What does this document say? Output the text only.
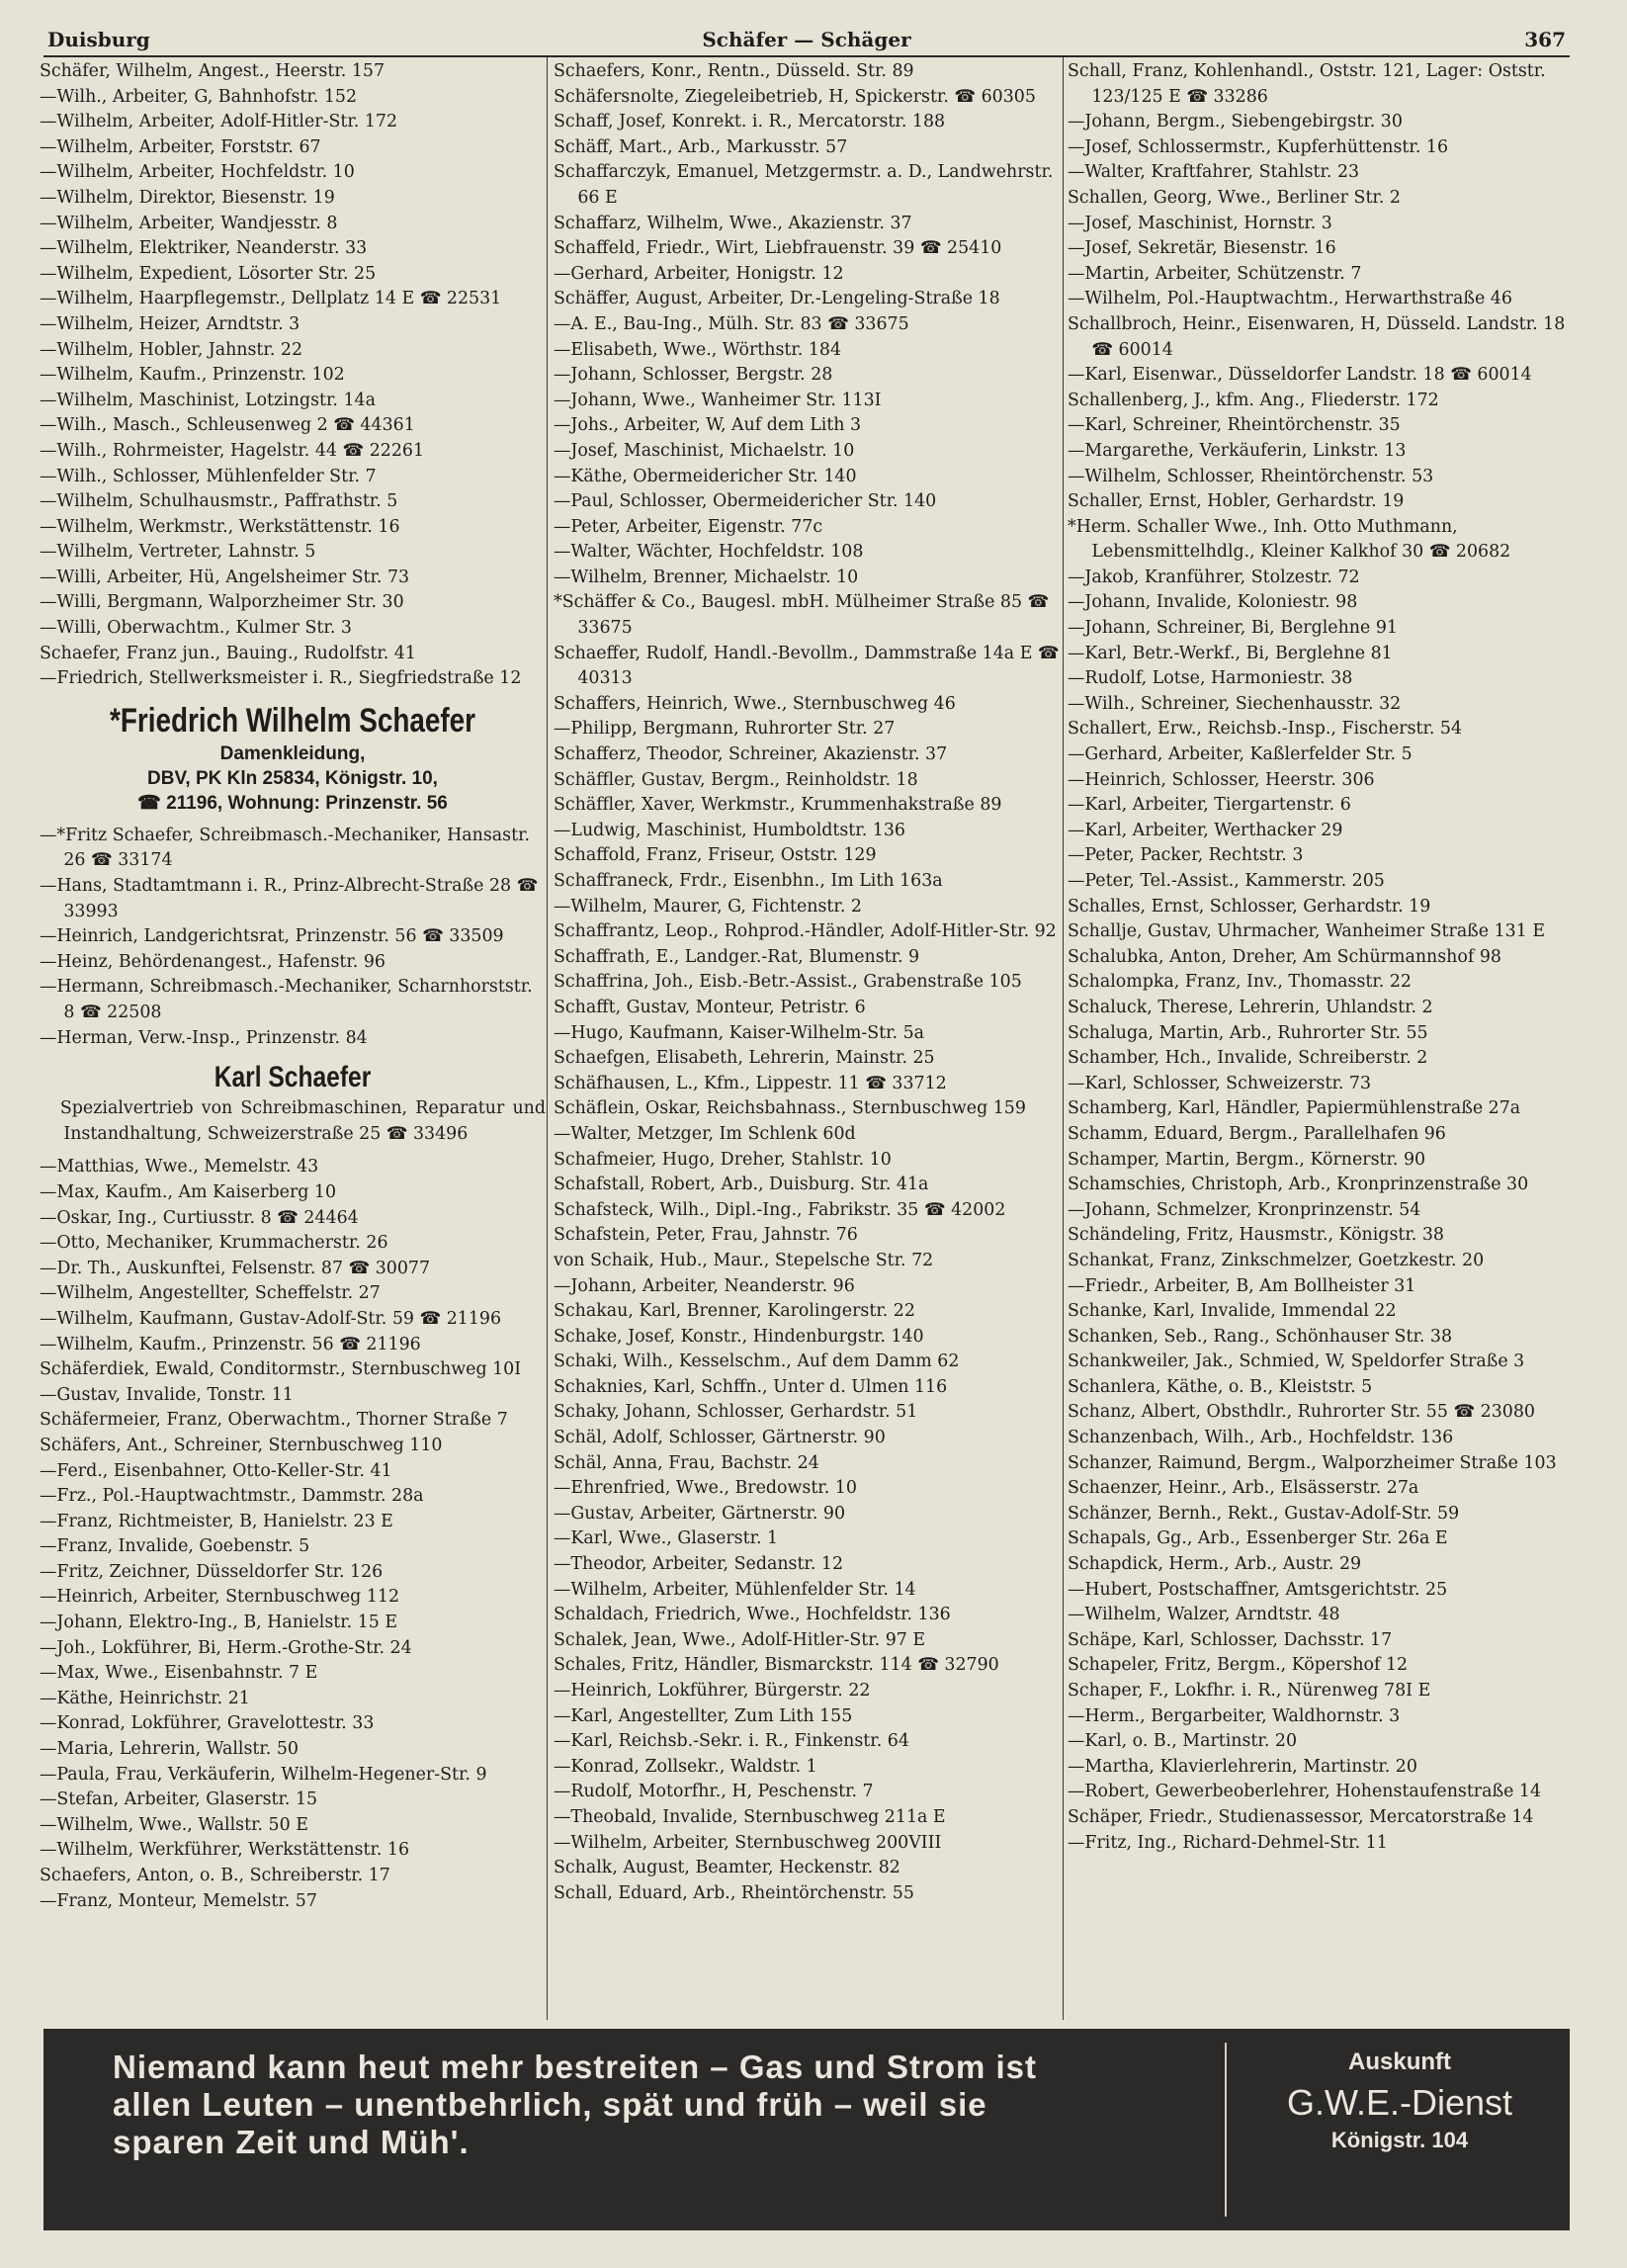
Duisburg	Schäfer — Schäger	367
Schäfer, Wilhelm, Angest., Heerstr. 157
—Wilh., Arbeiter, G, Bahnhofstr. 152
—Wilhelm, Arbeiter, Adolf-Hitler-Str. 172
—Wilhelm, Arbeiter, Forststr. 67
—Wilhelm, Arbeiter, Hochfeldstr. 10
—Wilhelm, Direktor, Biesenstr. 19
—Wilhelm, Arbeiter, Wandjesstr. 8
—Wilhelm, Elektriker, Neanderstr. 33
—Wilhelm, Expedient, Lösorter Str. 25
—Wilhelm, Haarpflegemstr., Dellplatz 14 E ☎ 22531
—Wilhelm, Heizer, Arndtstr. 3
—Wilhelm, Hobler, Jahnstr. 22
—Wilhelm, Kaufm., Prinzenstr. 102
—Wilhelm, Maschinist, Lotzingstr. 14a
—Wilh., Masch., Schleusenweg 2 ☎ 44361
—Wilh., Rohrmeister, Hagelstr. 44 ☎ 22261
—Wilh., Schlosser, Mühlenfelder Str. 7
—Wilhelm, Schulhausmstr., Paffrathstr. 5
—Wilhelm, Werkmstr., Werkstättenstr. 16
—Wilhelm, Vertreter, Lahnstr. 5
—Willi, Arbeiter, Hü, Angelsheimer Str. 73
—Willi, Bergmann, Walporzheimer Str. 30
—Willi, Oberwachtm., Kulmer Str. 3
Schaefer, Franz jun., Bauing., Rudolfstr. 41
—Friedrich, Stellwerksmeister i. R., Siegfriedstraße 12
*Friedrich Wilhelm Schaefer
Damenkleidung,
DBV, PK Kln 25834, Königstr. 10,
☎ 21196, Wohnung: Prinzenstr. 56
—*Fritz Schaefer, Schreibmasch.-Mechaniker, Hansastr. 26 ☎ 33174
—Hans, Stadtamtmann i. R., Prinz-Albrecht-Straße 28 ☎ 33993
—Heinrich, Landgerichtsrat, Prinzenstr. 56 ☎ 33509
—Heinz, Behördenangest., Hafenstr. 96
—Hermann, Schreibmasch.-Mechaniker, Scharnhorststr. 8 ☎ 22508
—Herman, Verw.-Insp., Prinzenstr. 84
Karl Schaefer
Spezialvertrieb von Schreibmaschinen, Reparatur und Instandhaltung, Schweizerstraße 25 ☎ 33496
—Matthias, Wwe., Memelstr. 43
—Max, Kaufm., Am Kaiserberg 10
—Oskar, Ing., Curtiusstr. 8 ☎ 24464
—Otto, Mechaniker, Krummacherstr. 26
—Dr. Th., Auskunftei, Felsenstr. 87 ☎ 30077
—Wilhelm, Angestellter, Scheffelstr. 27
—Wilhelm, Kaufmann, Gustav-Adolf-Str. 59 ☎ 21196
—Wilhelm, Kaufm., Prinzenstr. 56 ☎ 21196
Schäferdiek, Ewald, Conditormstr., Sternbuschweg 10I
—Gustav, Invalide, Tonstr. 11
Schäfermeier, Franz, Oberwachtm., Thorner Straße 7
Schäfers, Ant., Schreiner, Sternbuschweg 110
—Ferd., Eisenbahner, Otto-Keller-Str. 41
—Frz., Pol.-Hauptwachtmstr., Dammstr. 28a
—Franz, Richtmeister, B, Hanielstr. 23 E
—Franz, Invalide, Goebenstr. 5
—Fritz, Zeichner, Düsseldorfer Str. 126
—Heinrich, Arbeiter, Sternbuschweg 112
—Johann, Elektro-Ing., B, Hanielstr. 15 E
—Joh., Lokführer, Bi, Herm.-Grothe-Str. 24
—Max, Wwe., Eisenbahnstr. 7 E
—Käthe, Heinrichstr. 21
—Konrad, Lokführer, Gravelottestr. 33
—Maria, Lehrerin, Wallstr. 50
—Paula, Frau, Verkäuferin, Wilhelm-Hegener-Str. 9
—Stefan, Arbeiter, Glaserstr. 15
—Wilhelm, Wwe., Wallstr. 50 E
—Wilhelm, Werkführer, Werkstättenstr. 16
Schaefers, Anton, o. B., Schreiberstr. 17
—Franz, Monteur, Memelstr. 57
Schaefers, Konr., Rentn., Düsseld. Str. 89
Schäfersnolte, Ziegeleibetrieb, H, Spickerstr. ☎ 60305
Schaff, Josef, Konrekt. i. R., Mercatorstr. 188
Schäff, Mart., Arb., Markusstr. 57
Schaffarczyk, Emanuel, Metzgermstr. a. D., Landwehrstr. 66 E
Schaffarz, Wilhelm, Wwe., Akazienstr. 37
Schaffeld, Friedr., Wirt, Liebfrauenstr. 39 ☎ 25410
—Gerhard, Arbeiter, Honigstr. 12
Schäffer, August, Arbeiter, Dr.-Lengeling-Straße 18
—A. E., Bau-Ing., Mülh. Str. 83 ☎ 33675
—Elisabeth, Wwe., Wörthstr. 184
—Johann, Schlosser, Bergstr. 28
—Johann, Wwe., Wanheimer Str. 113I
—Johs., Arbeiter, W, Auf dem Lith 3
—Josef, Maschinist, Michaelstr. 10
—Käthe, Obermeidericher Str. 140
—Paul, Schlosser, Obermeidericher Str. 140
—Peter, Arbeiter, Eigenstr. 77c
—Walter, Wächter, Hochfeldstr. 108
—Wilhelm, Brenner, Michaelstr. 10
*Schäffer & Co., Baugesl. mbH. Mülheimer Straße 85 ☎ 33675
Schaeffer, Rudolf, Handl.-Bevollm., Dammstraße 14a E ☎ 40313
Schaffers, Heinrich, Wwe., Sternbuschweg 46
—Philipp, Bergmann, Ruhrorter Str. 27
Schafferz, Theodor, Schreiner, Akazienstr. 37
Schäffler, Gustav, Bergm., Reinholdstr. 18
Schäffler, Xaver, Werkmstr., Krummenhakstraße 89
—Ludwig, Maschinist, Humboldtstr. 136
Schaffold, Franz, Friseur, Oststr. 129
Schaffraneck, Frdr., Eisenbhn., Im Lith 163a
—Wilhelm, Maurer, G, Fichtenstr. 2
Schaffrantz, Leop., Rohprod.-Händler, Adolf-Hitler-Str. 92
Schaffrath, E., Landger.-Rat, Blumenstr. 9
Schaffrina, Joh., Eisb.-Betr.-Assist., Grabenstraße 105
Schafft, Gustav, Monteur, Petristr. 6
—Hugo, Kaufmann, Kaiser-Wilhelm-Str. 5a
Schaefgen, Elisabeth, Lehrerin, Mainstr. 25
Schäfhausen, L., Kfm., Lippestr. 11 ☎ 33712
Schäflein, Oskar, Reichsbahnass., Sternbuschweg 159
—Walter, Metzger, Im Schlenk 60d
Schafmeier, Hugo, Dreher, Stahlstr. 10
Schafstall, Robert, Arb., Duisburg. Str. 41a
Schafsteck, Wilh., Dipl.-Ing., Fabrikstr. 35 ☎ 42002
Schafstein, Peter, Frau, Jahnstr. 76
von Schaik, Hub., Maur., Stepelsche Str. 72
—Johann, Arbeiter, Neanderstr. 96
Schakau, Karl, Brenner, Karolingerstr. 22
Schake, Josef, Konstr., Hindenburgstr. 140
Schaki, Wilh., Kesselschm., Auf dem Damm 62
Schaknies, Karl, Schffn., Unter d. Ulmen 116
Schaky, Johann, Schlosser, Gerhardstr. 51
Schäl, Adolf, Schlosser, Gärtnerstr. 90
Schäl, Anna, Frau, Bachstr. 24
—Ehrenfried, Wwe., Bredowstr. 10
—Gustav, Arbeiter, Gärtnerstr. 90
—Karl, Wwe., Glaserstr. 1
—Theodor, Arbeiter, Sedanstr. 12
—Wilhelm, Arbeiter, Mühlenfelder Str. 14
Schaldach, Friedrich, Wwe., Hochfeldstr. 136
Schalek, Jean, Wwe., Adolf-Hitler-Str. 97 E
Schales, Fritz, Händler, Bismarckstr. 114 ☎ 32790
—Heinrich, Lokführer, Bürgerstr. 22
—Karl, Angestellter, Zum Lith 155
—Karl, Reichsb.-Sekr. i. R., Finkenstr. 64
—Konrad, Zollsekr., Waldstr. 1
—Rudolf, Motorfhr., H, Peschenstr. 7
—Theobald, Invalide, Sternbuschweg 211a E
—Wilhelm, Arbeiter, Sternbuschweg 200VIII
Schalk, August, Beamter, Heckenstr. 82
Schall, Eduard, Arb., Rheintörchenstr. 55
Schall, Franz, Kohlenhandl., Oststr. 121, Lager: Oststr. 123/125 E ☎ 33286
—Johann, Bergm., Siebengebirgstr. 30
—Josef, Schlossermstr., Kupferhüttenstr. 16
—Walter, Kraftfahrer, Stahlstr. 23
Schallen, Georg, Wwe., Berliner Str. 2
—Josef, Maschinist, Hornstr. 3
—Josef, Sekretär, Biesenstr. 16
—Martin, Arbeiter, Schützenstr. 7
—Wilhelm, Pol.-Hauptwachtm., Herwarthstraße 46
Schallbroch, Heinr., Eisenwaren, H, Düsseld. Landstr. 18 ☎ 60014
—Karl, Eisenwar., Düsseldorfer Landstr. 18 ☎ 60014
Schallenberg, J., kfm. Ang., Fliederstr. 172
—Karl, Schreiner, Rheintörchenstr. 35
—Margarethe, Verkäuferin, Linkstr. 13
—Wilhelm, Schlosser, Rheintörchenstr. 53
Schaller, Ernst, Hobler, Gerhardstr. 19
*Herm. Schaller Wwe., Inh. Otto Muthmann, Lebensmittelhdlg., Kleiner Kalkhof 30 ☎ 20682
—Jakob, Kranführer, Stolzestr. 72
—Johann, Invalide, Koloniestr. 98
—Johann, Schreiner, Bi, Berglehne 91
—Karl, Betr.-Werkf., Bi, Berglehne 81
—Rudolf, Lotse, Harmoniestr. 38
—Wilh., Schreiner, Siechenhausstr. 32
Schallert, Erw., Reichsb.-Insp., Fischerstr. 54
—Gerhard, Arbeiter, Kaßlerfelder Str. 5
—Heinrich, Schlosser, Heerstr. 306
—Karl, Arbeiter, Tiergartenstr. 6
—Karl, Arbeiter, Werthacker 29
—Peter, Packer, Rechtstr. 3
—Peter, Tel.-Assist., Kammerstr. 205
Schalles, Ernst, Schlosser, Gerhardstr. 19
Schallje, Gustav, Uhrmacher, Wanheimer Straße 131 E
Schalubka, Anton, Dreher, Am Schürmannshof 98
Schalompka, Franz, Inv., Thomasstr. 22
Schaluck, Therese, Lehrerin, Uhlandstr. 2
Schaluga, Martin, Arb., Ruhrorter Str. 55
Schamber, Hch., Invalide, Schreiberstr. 2
—Karl, Schlosser, Schweizerstr. 73
Schamberg, Karl, Händler, Papiermühlenstraße 27a
Schamm, Eduard, Bergm., Parallelhafen 96
Schamper, Martin, Bergm., Körnerstr. 90
Schamschies, Christoph, Arb., Kronprinzenstraße 30
—Johann, Schmelzer, Kronprinzenstr. 54
Schändeling, Fritz, Hausmstr., Königstr. 38
Schankat, Franz, Zinkschmelzer, Goetzkestr. 20
—Friedr., Arbeiter, B, Am Bollheister 31
Schanke, Karl, Invalide, Immendal 22
Schanken, Seb., Rang., Schönhauser Str. 38
Schankweiler, Jak., Schmied, W, Speldorfer Straße 3
Schanlera, Käthe, o. B., Kleiststr. 5
Schanz, Albert, Obsthdlr., Ruhrorter Str. 55 ☎ 23080
Schanzenbach, Wilh., Arb., Hochfeldstr. 136
Schanzer, Raimund, Bergm., Walporzheimer Straße 103
Schaenzer, Heinr., Arb., Elsässerstr. 27a
Schänzer, Bernh., Rekt., Gustav-Adolf-Str. 59
Schapals, Gg., Arb., Essenberger Str. 26a E
Schapdick, Herm., Arb., Austr. 29
—Hubert, Postschaffner, Amtsgerichtstr. 25
—Wilhelm, Walzer, Arndtstr. 48
Schäpe, Karl, Schlosser, Dachsstr. 17
Schapeler, Fritz, Bergm., Köpershof 12
Schaper, F., Lokfhr. i. R., Nürenweg 78I E
—Herm., Bergarbeiter, Waldhornstr. 3
—Karl, o. B., Martinstr. 20
—Martha, Klavierlehrerin, Martinstr. 20
—Robert, Gewerbeoberlehrer, Hohenstaufenstraße 14
Schäper, Friedr., Studienassessor, Mercatorstraße 14
—Fritz, Ing., Richard-Dehmel-Str. 11
Niemand kann heut mehr bestreiten – Gas und Strom ist
allen Leuten – unentbehrlich, spät und früh – weil sie
sparen Zeit und Müh'.
Auskunft
G.W.E.-Dienst
Königstr. 104
